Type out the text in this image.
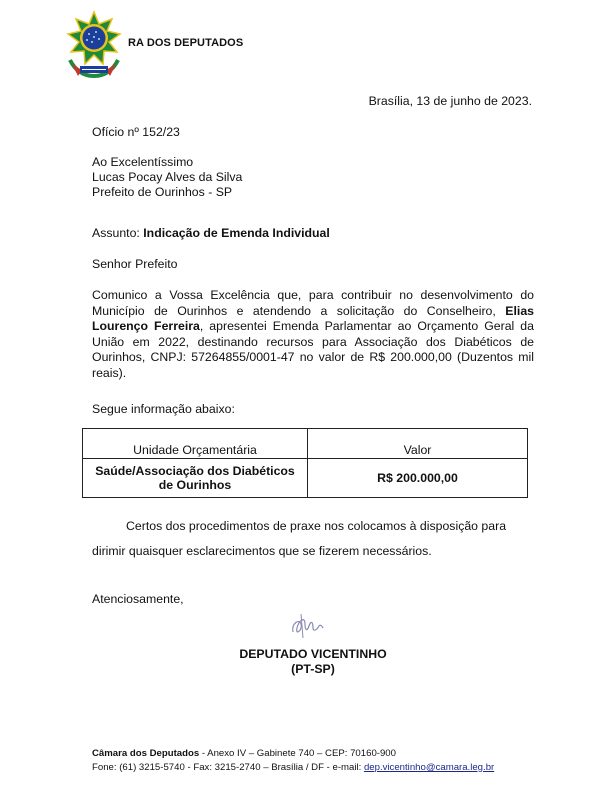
RA DOS DEPUTADOS
Brasília, 13 de junho de 2023.
Ofício nº 152/23
Ao Excelentíssimo
Lucas Pocay Alves da Silva
Prefeito de Ourinhos - SP
Assunto: Indicação de Emenda Individual
Senhor Prefeito
Comunico a Vossa Excelência que, para contribuir no desenvolvimento do Município de Ourinhos e atendendo a solicitação do Conselheiro, Elias Lourenço Ferreira, apresentei Emenda Parlamentar ao Orçamento Geral da União em 2022, destinando recursos para Associação dos Diabéticos de Ourinhos, CNPJ: 57264855/0001-47 no valor de R$ 200.000,00 (Duzentos mil reais).
Segue informação abaixo:
Unidade Orçamentária	Valor
Saúde/Associação dos Diabéticos de Ourinhos	R$ 200.000,00
Certos dos procedimentos de praxe nos colocamos à disposição para dirimir quaisquer esclarecimentos que se fizerem necessários.
Atenciosamente,
DEPUTADO VICENTINHO
(PT-SP)
Câmara dos Deputados - Anexo IV – Gabinete 740 – CEP: 70160-900
Fone: (61) 3215-5740 - Fax: 3215-2740 – Brasília / DF - e-mail: dep.vicentinho@camara.leg.br
